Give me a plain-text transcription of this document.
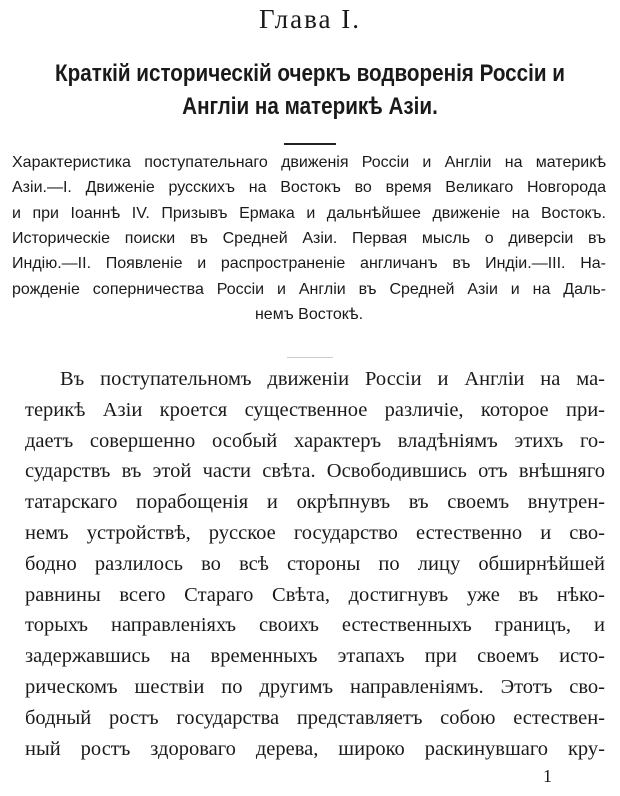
Глава I.
Краткій историческій очеркъ водворенія Россіи и
Англіи на материкѣ Азіи.
Характеристика поступательнаго движенія Россіи и Англіи на материкѣ
Азіи.—I. Движеніе русскихъ на Востокъ во время Великаго Новгорода
и при Іоаннѣ IV. Призывъ Ермака и дальнѣйшее движеніе на Востокъ.
Историческіе поиски въ Средней Азіи. Первая мысль о диверсіи въ
Индію.—II. Появленіе и распространеніе англичанъ въ Индіи.—III. На-
рожденіе соперничества Россіи и Англіи въ Средней Азіи и на Даль-
немъ Востокѣ.
Въ поступательномъ движеніи Россіи и Англіи на ма-
терикѣ Азіи кроется существенное различіе, которое при-
даетъ совершенно особый характеръ владѣніямъ этихъ го-
сударствъ въ этой части свѣта. Освободившись отъ внѣшняго
татарскаго порабощенія и окрѣпнувъ въ своемъ внутрен-
немъ устройствѣ, русское государство естественно и сво-
бодно разлилось во всѣ стороны по лицу обширнѣйшей
равнины всего Стараго Свѣта, достигнувъ уже въ нѣко-
торыхъ направленіяхъ своихъ естественныхъ границъ, и
задержавшись на временныхъ этапахъ при своемъ исто-
рическомъ шествіи по другимъ направленіямъ. Этотъ сво-
бодный ростъ государства представляетъ собою естествен-
ный ростъ здороваго дерева, широко раскинувшаго кру-
1
